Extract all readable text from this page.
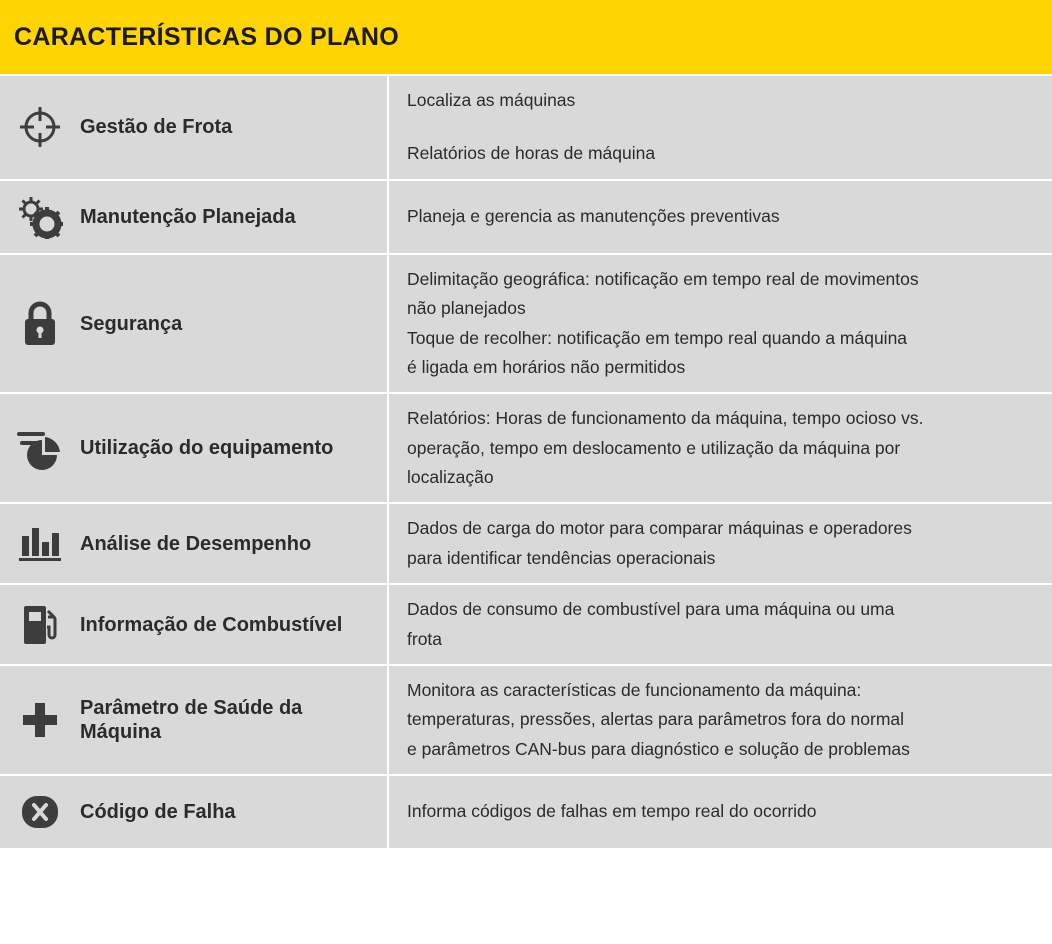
CARACTERÍSTICAS DO PLANO	

Gestão de Frota	Localiza as máquinas
Relatórios de horas de máquina

Manutenção Planejada	Planeja e gerencia as manutenções preventivas

Segurança	Delimitação geográfica: notificação em tempo real de movimentos
não planejados
Toque de recolher: notificação em tempo real quando a máquina
é ligada em horários não permitidos

Utilização do equipamento	Relatórios: Horas de funcionamento da máquina, tempo ocioso vs.
operação, tempo em deslocamento e utilização da máquina por
localização

Análise de Desempenho	Dados de carga do motor para comparar máquinas e operadores
para identificar tendências operacionais

Informação de Combustível	Dados de consumo de combustível para uma máquina ou uma
frota

Parâmetro de Saúde da Máquina	Monitora as características de funcionamento da máquina:
temperaturas, pressões, alertas para parâmetros fora do normal
e parâmetros CAN-bus para diagnóstico e solução de problemas

Código de Falha	Informa códigos de falhas em tempo real do ocorrido
